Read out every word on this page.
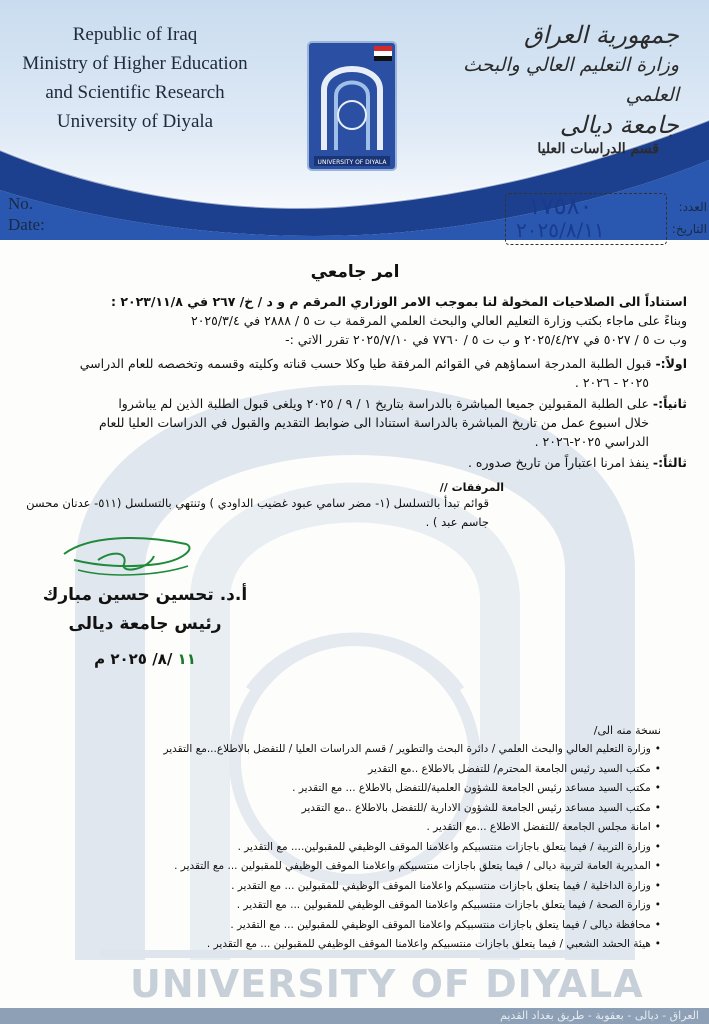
Republic of Iraq
Ministry of Higher Education
and Scientific Research
University of Diyala
جمهورية العراق
وزارة التعليم العالي والبحث العلمي
جامعة ديالى
قسم الدراسات العليا
UNIVERSITY OF DIYALA
No.
Date:
العدد:
التاريخ:
١٧٥٨٠
٢٠٢٥/٨/١١
UNIVERSITY OF DIYALA
امر جامعي
استناداً الى الصلاحيات المخولة لنا بموجب الامر الوزاري المرقم م و د / خ/ ٢٦٧ في ٢٠٢٣/١١/٨ :
وبناءً على ماجاء بكتب وزارة التعليم العالي والبحث العلمي المرقمة ب ت ٥ / ٢٨٨٨ في ٢٠٢٥/٣/٤
وب ت ٥ / ٥٠٢٧ في ٢٠٢٥/٤/٢٧ و ب ت ٥ / ٧٧٦٠ في ٢٠٢٥/٧/١٠ تقرر الاتي :-
اولاً:- قبول الطلبة المدرجة اسماؤهم في القوائم المرفقة طيا وكلا حسب قناته وكليته وقسمه وتخصصه للعام الدراسي
٢٠٢٥ - ٢٠٢٦ .
ثانياً:- على الطلبة المقبولين جميعا المباشرة بالدراسة بتاريخ ١ / ٩ / ٢٠٢٥ ويلغى قبول الطلبة الذين لم يباشروا
خلال اسبوع عمل من تاريخ المباشرة بالدراسة استنادا الى ضوابط التقديم والقبول في الدراسات العليا للعام
الدراسي ٢٠٢٥-٢٠٢٦ .
ثالثاً:- ينفذ امرنا اعتباراً من تاريخ صدوره .
المرفقات //
قوائم تبدأ بالتسلسل (١- مضر سامي عبود غضيب الداودي ) وتنتهي بالتسلسل (٥١١- عدنان محسن جاسم عبد ) .
أ.د. تحسين حسين مبارك
رئيس جامعة ديالى
١١ /٨/ ٢٠٢٥ م
نسخة منه الى/
• وزارة التعليم العالي والبحث العلمي / دائرة البحث والتطوير / قسم الدراسات العليا / للتفضل بالاطلاع...مع التقدير
• مكتب السيد رئيس الجامعة المحترم/ للتفضل بالاطلاع ..مع التقدير
• مكتب السيد مساعد رئيس الجامعة للشؤون العلمية/للتفضل بالاطلاع ... مع التقدير .
• مكتب السيد مساعد رئيس الجامعة للشؤون الادارية /للتفضل بالاطلاع ..مع التقدير
• امانة مجلس الجامعة /للتفضل الاطلاع ...مع التقدير .
• وزارة التربية / فيما يتعلق باجازات منتسبيكم واعلامنا الموقف الوظيفي للمقبولين.... مع التقدير .
• المديرية العامة لتربية ديالى / فيما يتعلق باجازات منتسبيكم واعلامنا الموقف الوظيفي للمقبولين ... مع التقدير .
• وزارة الداخلية / فيما يتعلق باجازات منتسبيكم واعلامنا الموقف الوظيفي للمقبولين ... مع التقدير .
• وزارة الصحة / فيما يتعلق باجازات منتسبيكم واعلامنا الموقف الوظيفي للمقبولين ... مع التقدير .
• محافظة ديالى / فيما يتعلق باجازات منتسبيكم واعلامنا الموقف الوظيفي للمقبولين ... مع التقدير .
• هيئة الحشد الشعبي / فيما يتعلق باجازات منتسبيكم واعلامنا الموقف الوظيفي للمقبولين ... مع التقدير .
العراق - ديالى - بعقوبة - طريق بغداد القديم
